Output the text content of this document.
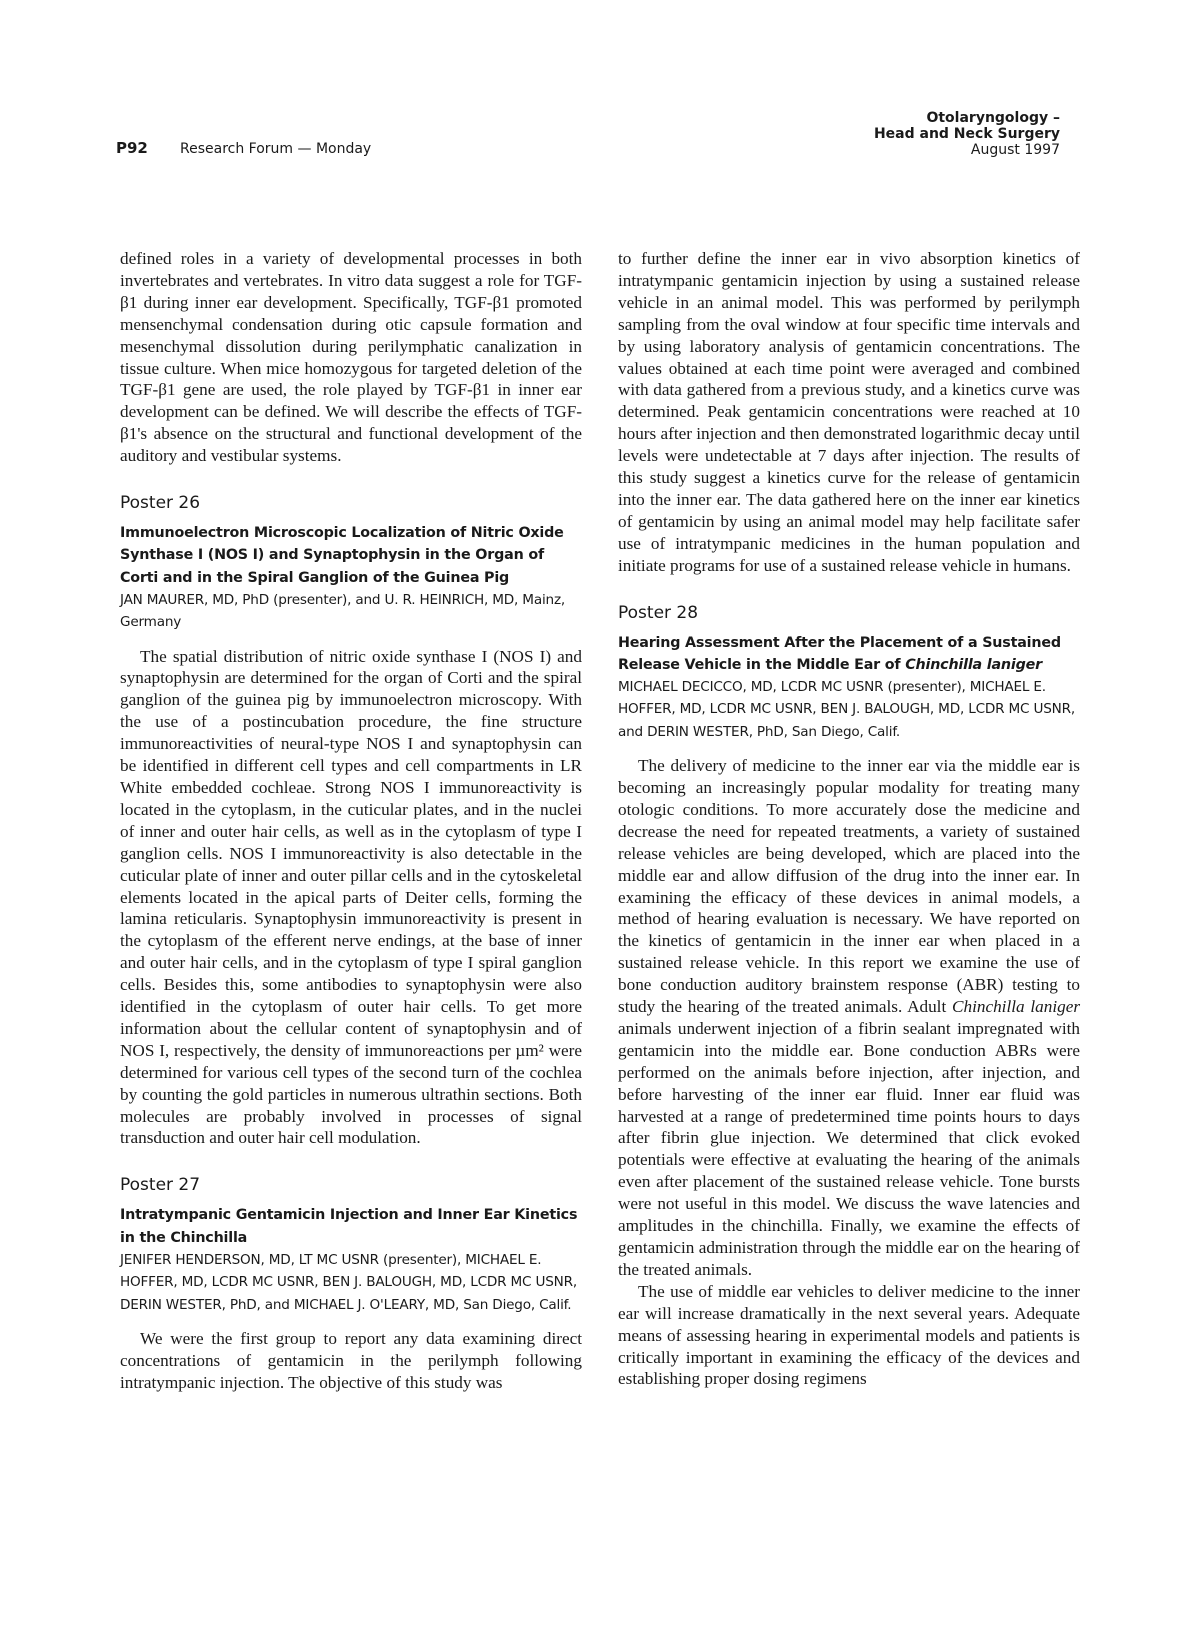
P92 Research Forum — Monday
Otolaryngology –
Head and Neck Surgery
August 1997

defined roles in a variety of developmental processes in both invertebrates and vertebrates. In vitro data suggest a role for TGF-β1 during inner ear development. Specifically, TGF-β1 promoted mensenchymal condensation during otic capsule formation and mesenchymal dissolution during perilymphatic canalization in tissue culture. When mice homozygous for targeted deletion of the TGF-β1 gene are used, the role played by TGF-β1 in inner ear development can be defined. We will describe the effects of TGF-β1's absence on the structural and functional development of the auditory and vestibular systems.

Poster 26
Immunoelectron Microscopic Localization of Nitric Oxide Synthase I (NOS I) and Synaptophysin in the Organ of Corti and in the Spiral Ganglion of the Guinea Pig
JAN MAURER, MD, PhD (presenter), and U. R. HEINRICH, MD, Mainz, Germany

The spatial distribution of nitric oxide synthase I (NOS I) and synaptophysin are determined for the organ of Corti and the spiral ganglion of the guinea pig by immunoelectron microscopy. With the use of a postincubation procedure, the fine structure immunoreactivities of neural-type NOS I and synaptophysin can be identified in different cell types and cell compartments in LR White embedded cochleae. Strong NOS I immunoreactivity is located in the cytoplasm, in the cuticular plates, and in the nuclei of inner and outer hair cells, as well as in the cytoplasm of type I ganglion cells. NOS I immunoreactivity is also detectable in the cuticular plate of inner and outer pillar cells and in the cytoskeletal elements located in the apical parts of Deiter cells, forming the lamina reticularis. Synaptophysin immunoreactivity is present in the cytoplasm of the efferent nerve endings, at the base of inner and outer hair cells, and in the cytoplasm of type I spiral ganglion cells. Besides this, some antibodies to synaptophysin were also identified in the cytoplasm of outer hair cells. To get more information about the cellular content of synaptophysin and of NOS I, respectively, the density of immunoreactions per µm² were determined for various cell types of the second turn of the cochlea by counting the gold particles in numerous ultrathin sections. Both molecules are probably involved in processes of signal transduction and outer hair cell modulation.

Poster 27
Intratympanic Gentamicin Injection and Inner Ear Kinetics in the Chinchilla
JENIFER HENDERSON, MD, LT MC USNR (presenter), MICHAEL E. HOFFER, MD, LCDR MC USNR, BEN J. BALOUGH, MD, LCDR MC USNR, DERIN WESTER, PhD, and MICHAEL J. O'LEARY, MD, San Diego, Calif.

We were the first group to report any data examining direct concentrations of gentamicin in the perilymph following intratympanic injection. The objective of this study was

to further define the inner ear in vivo absorption kinetics of intratympanic gentamicin injection by using a sustained release vehicle in an animal model. This was performed by perilymph sampling from the oval window at four specific time intervals and by using laboratory analysis of gentamicin concentrations. The values obtained at each time point were averaged and combined with data gathered from a previous study, and a kinetics curve was determined. Peak gentamicin concentrations were reached at 10 hours after injection and then demonstrated logarithmic decay until levels were undetectable at 7 days after injection. The results of this study suggest a kinetics curve for the release of gentamicin into the inner ear. The data gathered here on the inner ear kinetics of gentamicin by using an animal model may help facilitate safer use of intratympanic medicines in the human population and initiate programs for use of a sustained release vehicle in humans.

Poster 28
Hearing Assessment After the Placement of a Sustained Release Vehicle in the Middle Ear of Chinchilla laniger
MICHAEL DECICCO, MD, LCDR MC USNR (presenter), MICHAEL E. HOFFER, MD, LCDR MC USNR, BEN J. BALOUGH, MD, LCDR MC USNR, and DERIN WESTER, PhD, San Diego, Calif.

The delivery of medicine to the inner ear via the middle ear is becoming an increasingly popular modality for treating many otologic conditions. To more accurately dose the medicine and decrease the need for repeated treatments, a variety of sustained release vehicles are being developed, which are placed into the middle ear and allow diffusion of the drug into the inner ear. In examining the efficacy of these devices in animal models, a method of hearing evaluation is necessary. We have reported on the kinetics of gentamicin in the inner ear when placed in a sustained release vehicle. In this report we examine the use of bone conduction auditory brainstem response (ABR) testing to study the hearing of the treated animals. Adult Chinchilla laniger animals underwent injection of a fibrin sealant impregnated with gentamicin into the middle ear. Bone conduction ABRs were performed on the animals before injection, after injection, and before harvesting of the inner ear fluid. Inner ear fluid was harvested at a range of predetermined time points hours to days after fibrin glue injection. We determined that click evoked potentials were effective at evaluating the hearing of the animals even after placement of the sustained release vehicle. Tone bursts were not useful in this model. We discuss the wave latencies and amplitudes in the chinchilla. Finally, we examine the effects of gentamicin administration through the middle ear on the hearing of the treated animals.

The use of middle ear vehicles to deliver medicine to the inner ear will increase dramatically in the next several years. Adequate means of assessing hearing in experimental models and patients is critically important in examining the efficacy of the devices and establishing proper dosing regimens
